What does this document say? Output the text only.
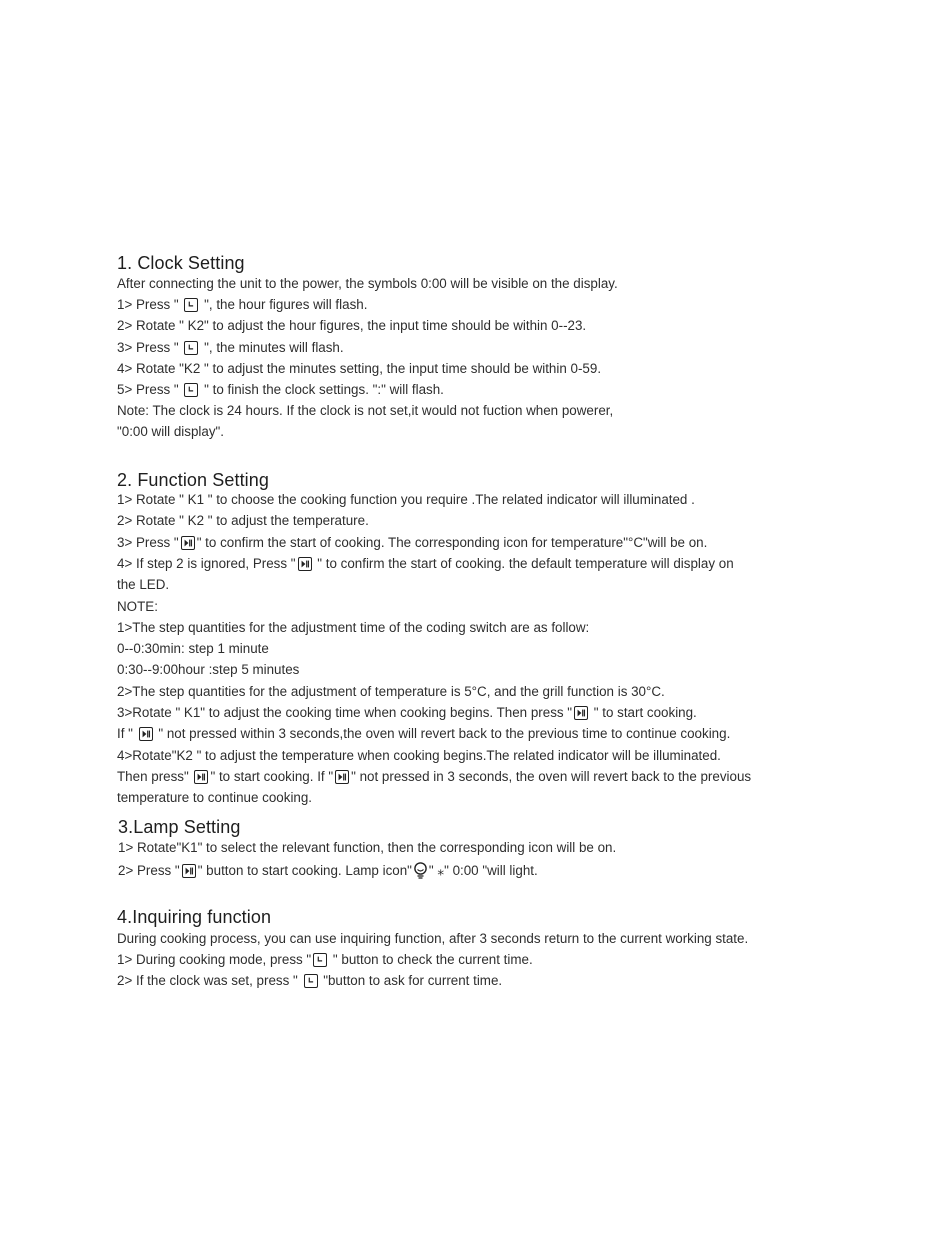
1. Clock Setting
2. Function Setting
3.Lamp Setting
4.Inquiring function

After connecting the unit to the power, the symbols 0:00 will be visible on the display.

1> Press "
", the hour figures will flash.

2> Rotate " K2" to adjust the hour figures, the input time should be within 0--23.

3> Press "
", the minutes will flash.

4> Rotate "K2 " to adjust the minutes setting, the input time should be within 0-59.

5> Press "
" to finish the clock settings. ":" will flash.

Note: The clock is 24 hours. If the clock is not set,it would not fuction when powerer,

"0:00 will display".

1> Rotate " K1 " to choose the cooking function you require .The related indicator will illuminated .

2> Rotate " K2 " to adjust the temperature.

3> Press " " to confirm the start of cooking. The corresponding icon for temperature"°C"will be on.

4> If step 2 is ignored, Press "
" to confirm the start of cooking. the default temperature will display on

the LED.

NOTE:

1>The step quantities for the adjustment time of the coding switch are as follow:

0--0:30min: step 1 minute

0:30--9:00hour :step 5 minutes

2>The step quantities for the adjustment of temperature is 5°C, and the grill function is 30°C.

3>Rotate " K1" to adjust the cooking time when cooking begins. Then press "
" to start cooking.

If "
" not pressed within 3 seconds,the oven will revert back to the previous time to continue cooking.

4>Rotate"K2 " to adjust the temperature when cooking begins.The related indicator will be illuminated.

Then press"
" to start cooking. If " " not pressed in 3 seconds, the oven will revert back to the previous

temperature to continue cooking.

1> Rotate"K1" to select the relevant function, then the corresponding icon will be on.

2> Press " " button to start cooking. Lamp icon" " ⁎" 0:00 "will light.

During cooking process, you can use inquiring function, after 3 seconds return to the current working state.

1> During cooking mode, press "
" button to check the current time.

2> If the clock was set, press "
"button to ask for current time.
